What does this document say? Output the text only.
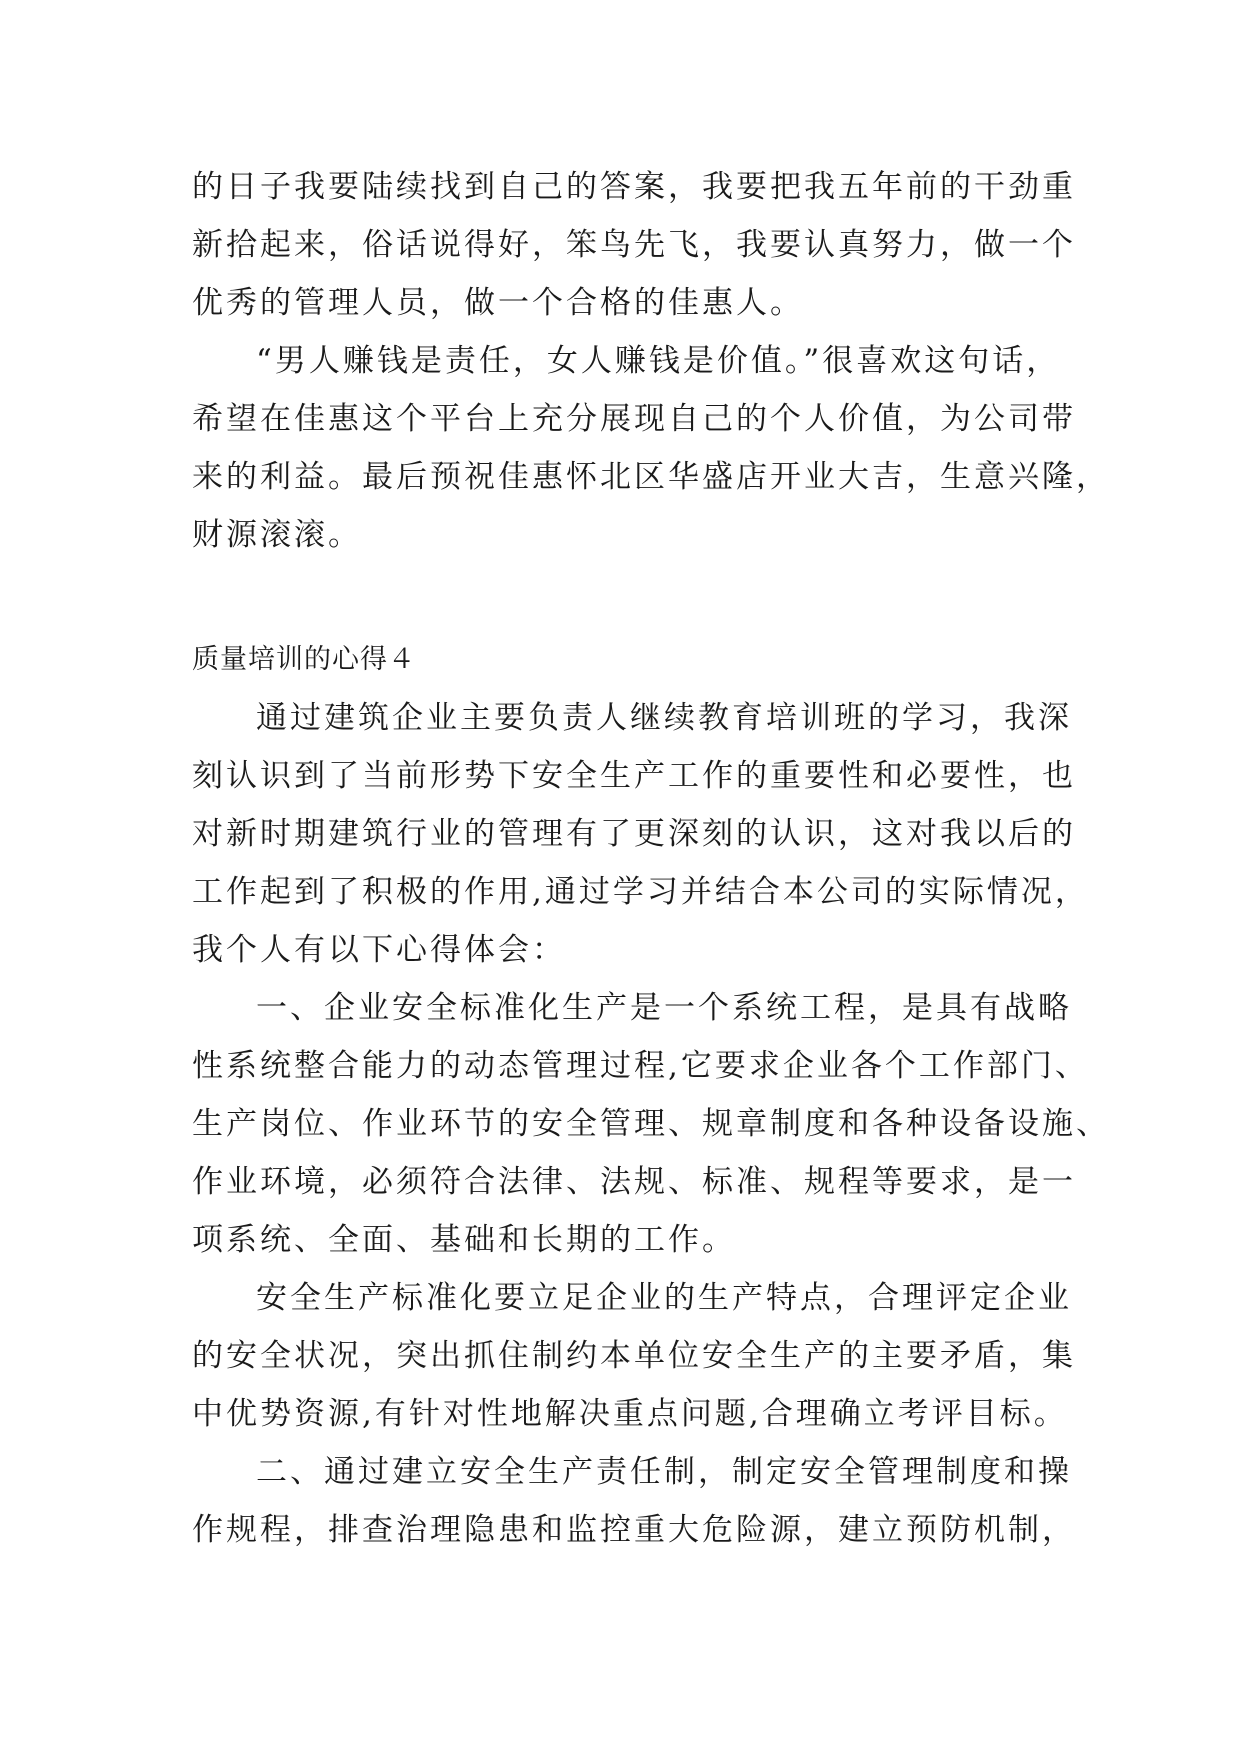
的日子我要陆续找到自己的答案，我要把我五年前的干劲重
新拾起来，俗话说得好，笨鸟先飞，我要认真努力，做一个
优秀的管理人员，做一个合格的佳惠人。
“男人赚钱是责任，女人赚钱是价值。”很喜欢这句话，
希望在佳惠这个平台上充分展现自己的个人价值，为公司带
来的利益。最后预祝佳惠怀北区华盛店开业大吉，生意兴隆，
财源滚滚。
质量培训的心得４
通过建筑企业主要负责人继续教育培训班的学习，我深
刻认识到了当前形势下安全生产工作的重要性和必要性，也
对新时期建筑行业的管理有了更深刻的认识，这对我以后的
工作起到了积极的作用,通过学习并结合本公司的实际情况，
我个人有以下心得体会：
一、企业安全标准化生产是一个系统工程，是具有战略
性系统整合能力的动态管理过程,它要求企业各个工作部门、
生产岗位、作业环节的安全管理、规章制度和各种设备设施、
作业环境，必须符合法律、法规、标准、规程等要求，是一
项系统、全面、基础和长期的工作。
安全生产标准化要立足企业的生产特点，合理评定企业
的安全状况，突出抓住制约本单位安全生产的主要矛盾，集
中优势资源,有针对性地解决重点问题,合理确立考评目标。
二、通过建立安全生产责任制，制定安全管理制度和操
作规程，排查治理隐患和监控重大危险源，建立预防机制，
